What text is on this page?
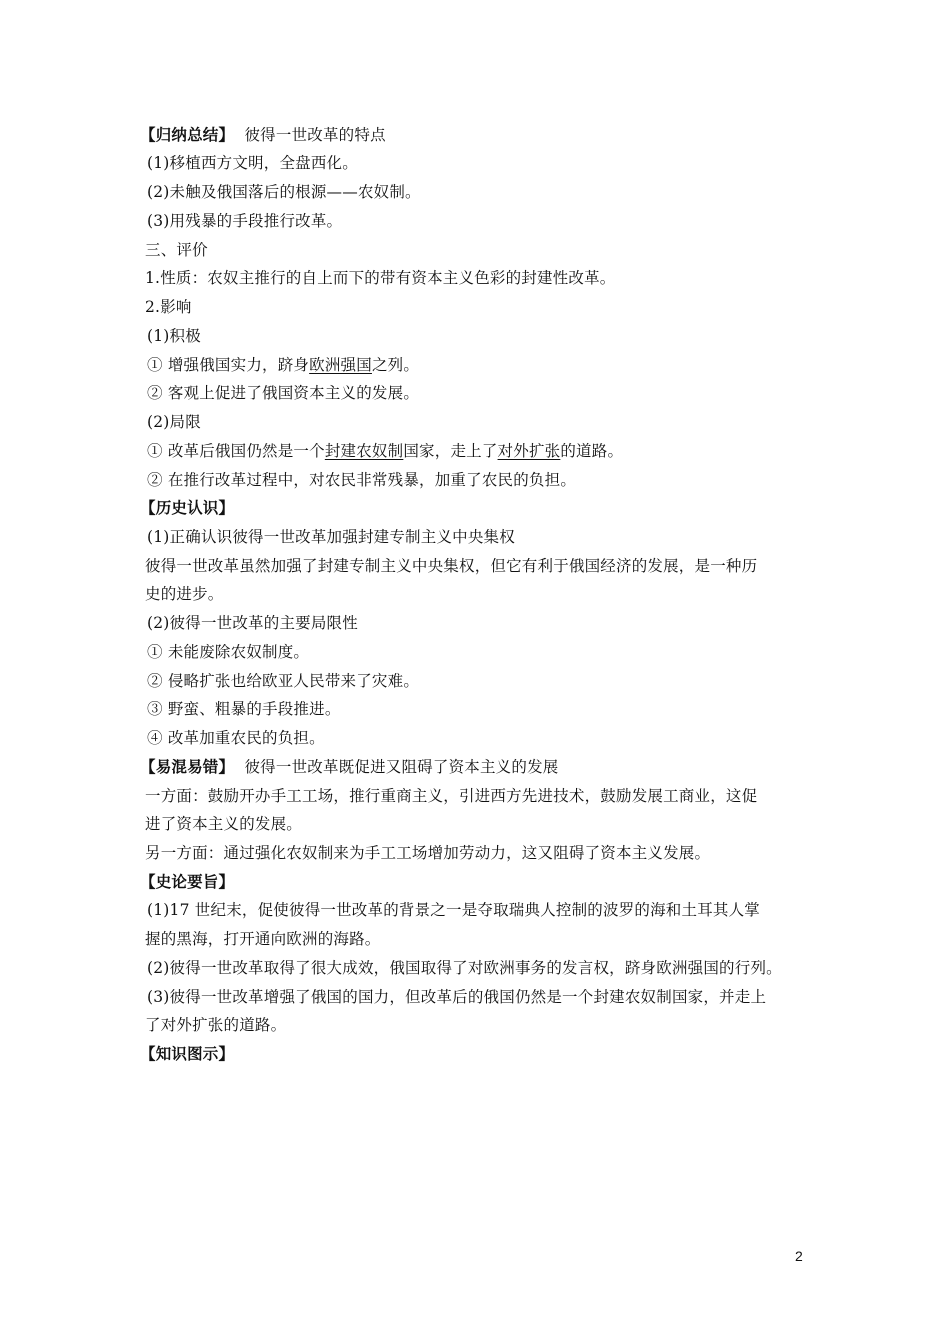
【归纳总结】 彼得一世改革的特点
(1)移植西方文明，全盘西化。
(2)未触及俄国落后的根源——农奴制。
(3)用残暴的手段推行改革。
三、评价
1.性质：农奴主推行的自上而下的带有资本主义色彩的封建性改革。
2.影响
(1)积极
① 增强俄国实力，跻身欧洲强国之列。
② 客观上促进了俄国资本主义的发展。
(2)局限
① 改革后俄国仍然是一个封建农奴制国家，走上了对外扩张的道路。
② 在推行改革过程中，对农民非常残暴，加重了农民的负担。
【历史认识】
(1)正确认识彼得一世改革加强封建专制主义中央集权
彼得一世改革虽然加强了封建专制主义中央集权，但它有利于俄国经济的发展，是一种历
史的进步。
(2)彼得一世改革的主要局限性
① 未能废除农奴制度。
② 侵略扩张也给欧亚人民带来了灾难。
③ 野蛮、粗暴的手段推进。
④ 改革加重农民的负担。
【易混易错】 彼得一世改革既促进又阻碍了资本主义的发展
一方面：鼓励开办手工工场，推行重商主义，引进西方先进技术，鼓励发展工商业，这促
进了资本主义的发展。
另一方面：通过强化农奴制来为手工工场增加劳动力，这又阻碍了资本主义发展。
【史论要旨】
(1)17 世纪末，促使彼得一世改革的背景之一是夺取瑞典人控制的波罗的海和土耳其人掌
握的黑海，打开通向欧洲的海路。
(2)彼得一世改革取得了很大成效，俄国取得了对欧洲事务的发言权，跻身欧洲强国的行列。
(3)彼得一世改革增强了俄国的国力，但改革后的俄国仍然是一个封建农奴制国家，并走上
了对外扩张的道路。
【知识图示】
2
